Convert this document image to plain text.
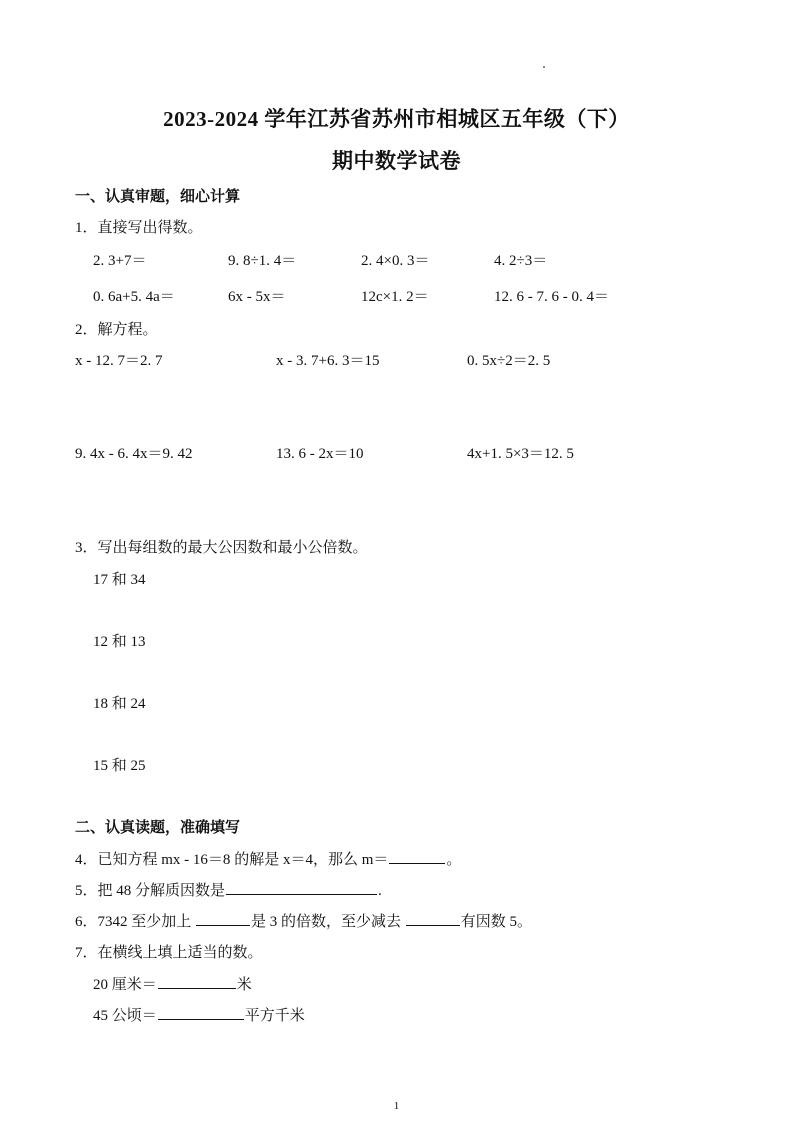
2023-2024 学年江苏省苏州市相城区五年级（下）
期中数学试卷
一、认真审题，细心计算
1．直接写出得数。
2. 3+7＝	9. 8÷1. 4＝	2. 4×0. 3＝	4. 2÷3＝
0. 6a+5. 4a＝	6x - 5x＝	12c×1. 2＝	12. 6 - 7. 6 - 0. 4＝
2．解方程。
x - 12. 7＝2. 7	x - 3. 7+6. 3＝15	0. 5x÷2＝2. 5
9. 4x - 6. 4x＝9. 42	13. 6 - 2x＝10	4x+1. 5×3＝12. 5
3．写出每组数的最大公因数和最小公倍数。
17 和 34
12 和 13
18 和 24
15 和 25
二、认真读题，准确填写
4．已知方程 mx - 16＝8 的解是 x＝4，那么 m＝	。
5．把 48 分解质因数是	.
6．7342 至少加上	是 3 的倍数，至少减去	有因数 5。
7．在横线上填上适当的数。
20 厘米＝	米
45 公顷＝	平方千米
1
